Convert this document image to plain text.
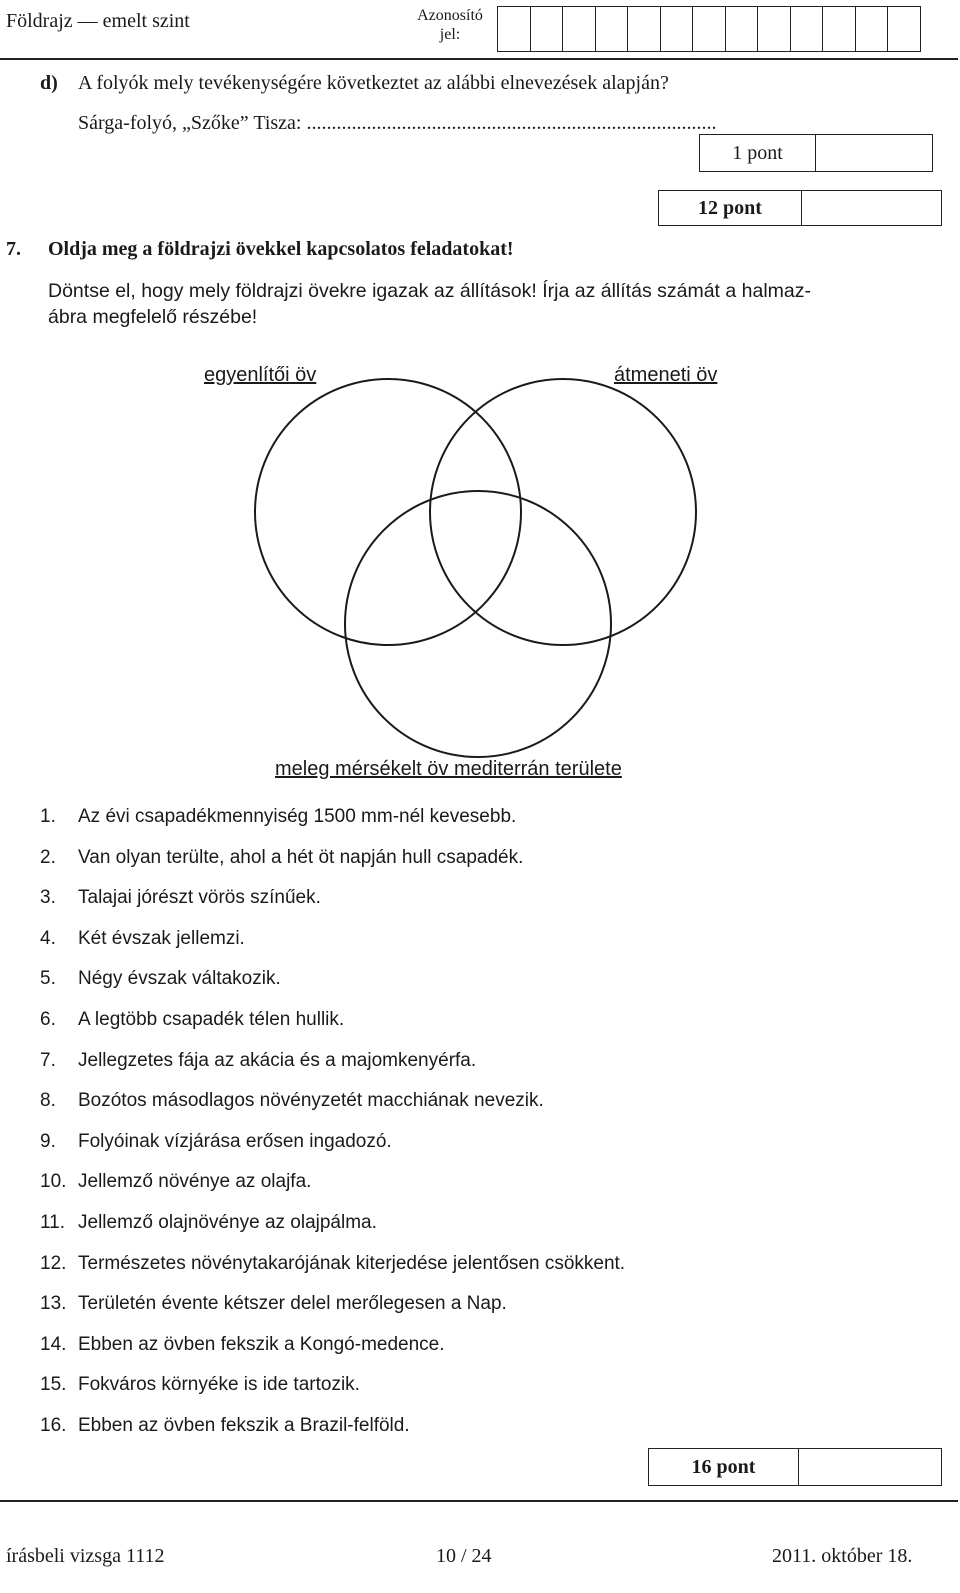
Földrajz — emelt szint	Azonosító jel:
d) A folyók mely tevékenységére következtet az alábbi elnevezések alapján?
Sárga-folyó, „Szőke” Tisza: ..................................................................................
1 pont
12 pont
7. Oldja meg a földrajzi övekkel kapcsolatos feladatokat!
Döntse el, hogy mely földrajzi övekre igazak az állítások! Írja az állítás számát a halmaz-
ábra megfelelő részébe!
egyenlítői öv	átmeneti öv
meleg mérsékelt öv mediterrán területe
1. Az évi csapadékmennyiség 1500 mm-nél kevesebb.
2. Van olyan terülte, ahol a hét öt napján hull csapadék.
3. Talajai jórészt vörös színűek.
4. Két évszak jellemzi.
5. Négy évszak váltakozik.
6. A legtöbb csapadék télen hullik.
7. Jellegzetes fája az akácia és a majomkenyérfa.
8. Bozótos másodlagos növényzetét macchiának nevezik.
9. Folyóinak vízjárása erősen ingadozó.
10. Jellemző növénye az olajfa.
11. Jellemző olajnövénye az olajpálma.
12. Természetes növénytakarójának kiterjedése jelentősen csökkent.
13. Területén évente kétszer delel merőlegesen a Nap.
14. Ebben az övben fekszik a Kongó-medence.
15. Fokváros környéke is ide tartozik.
16. Ebben az övben fekszik a Brazil-felföld.
16 pont
írásbeli vizsga 1112	10 / 24	2011. október 18.
